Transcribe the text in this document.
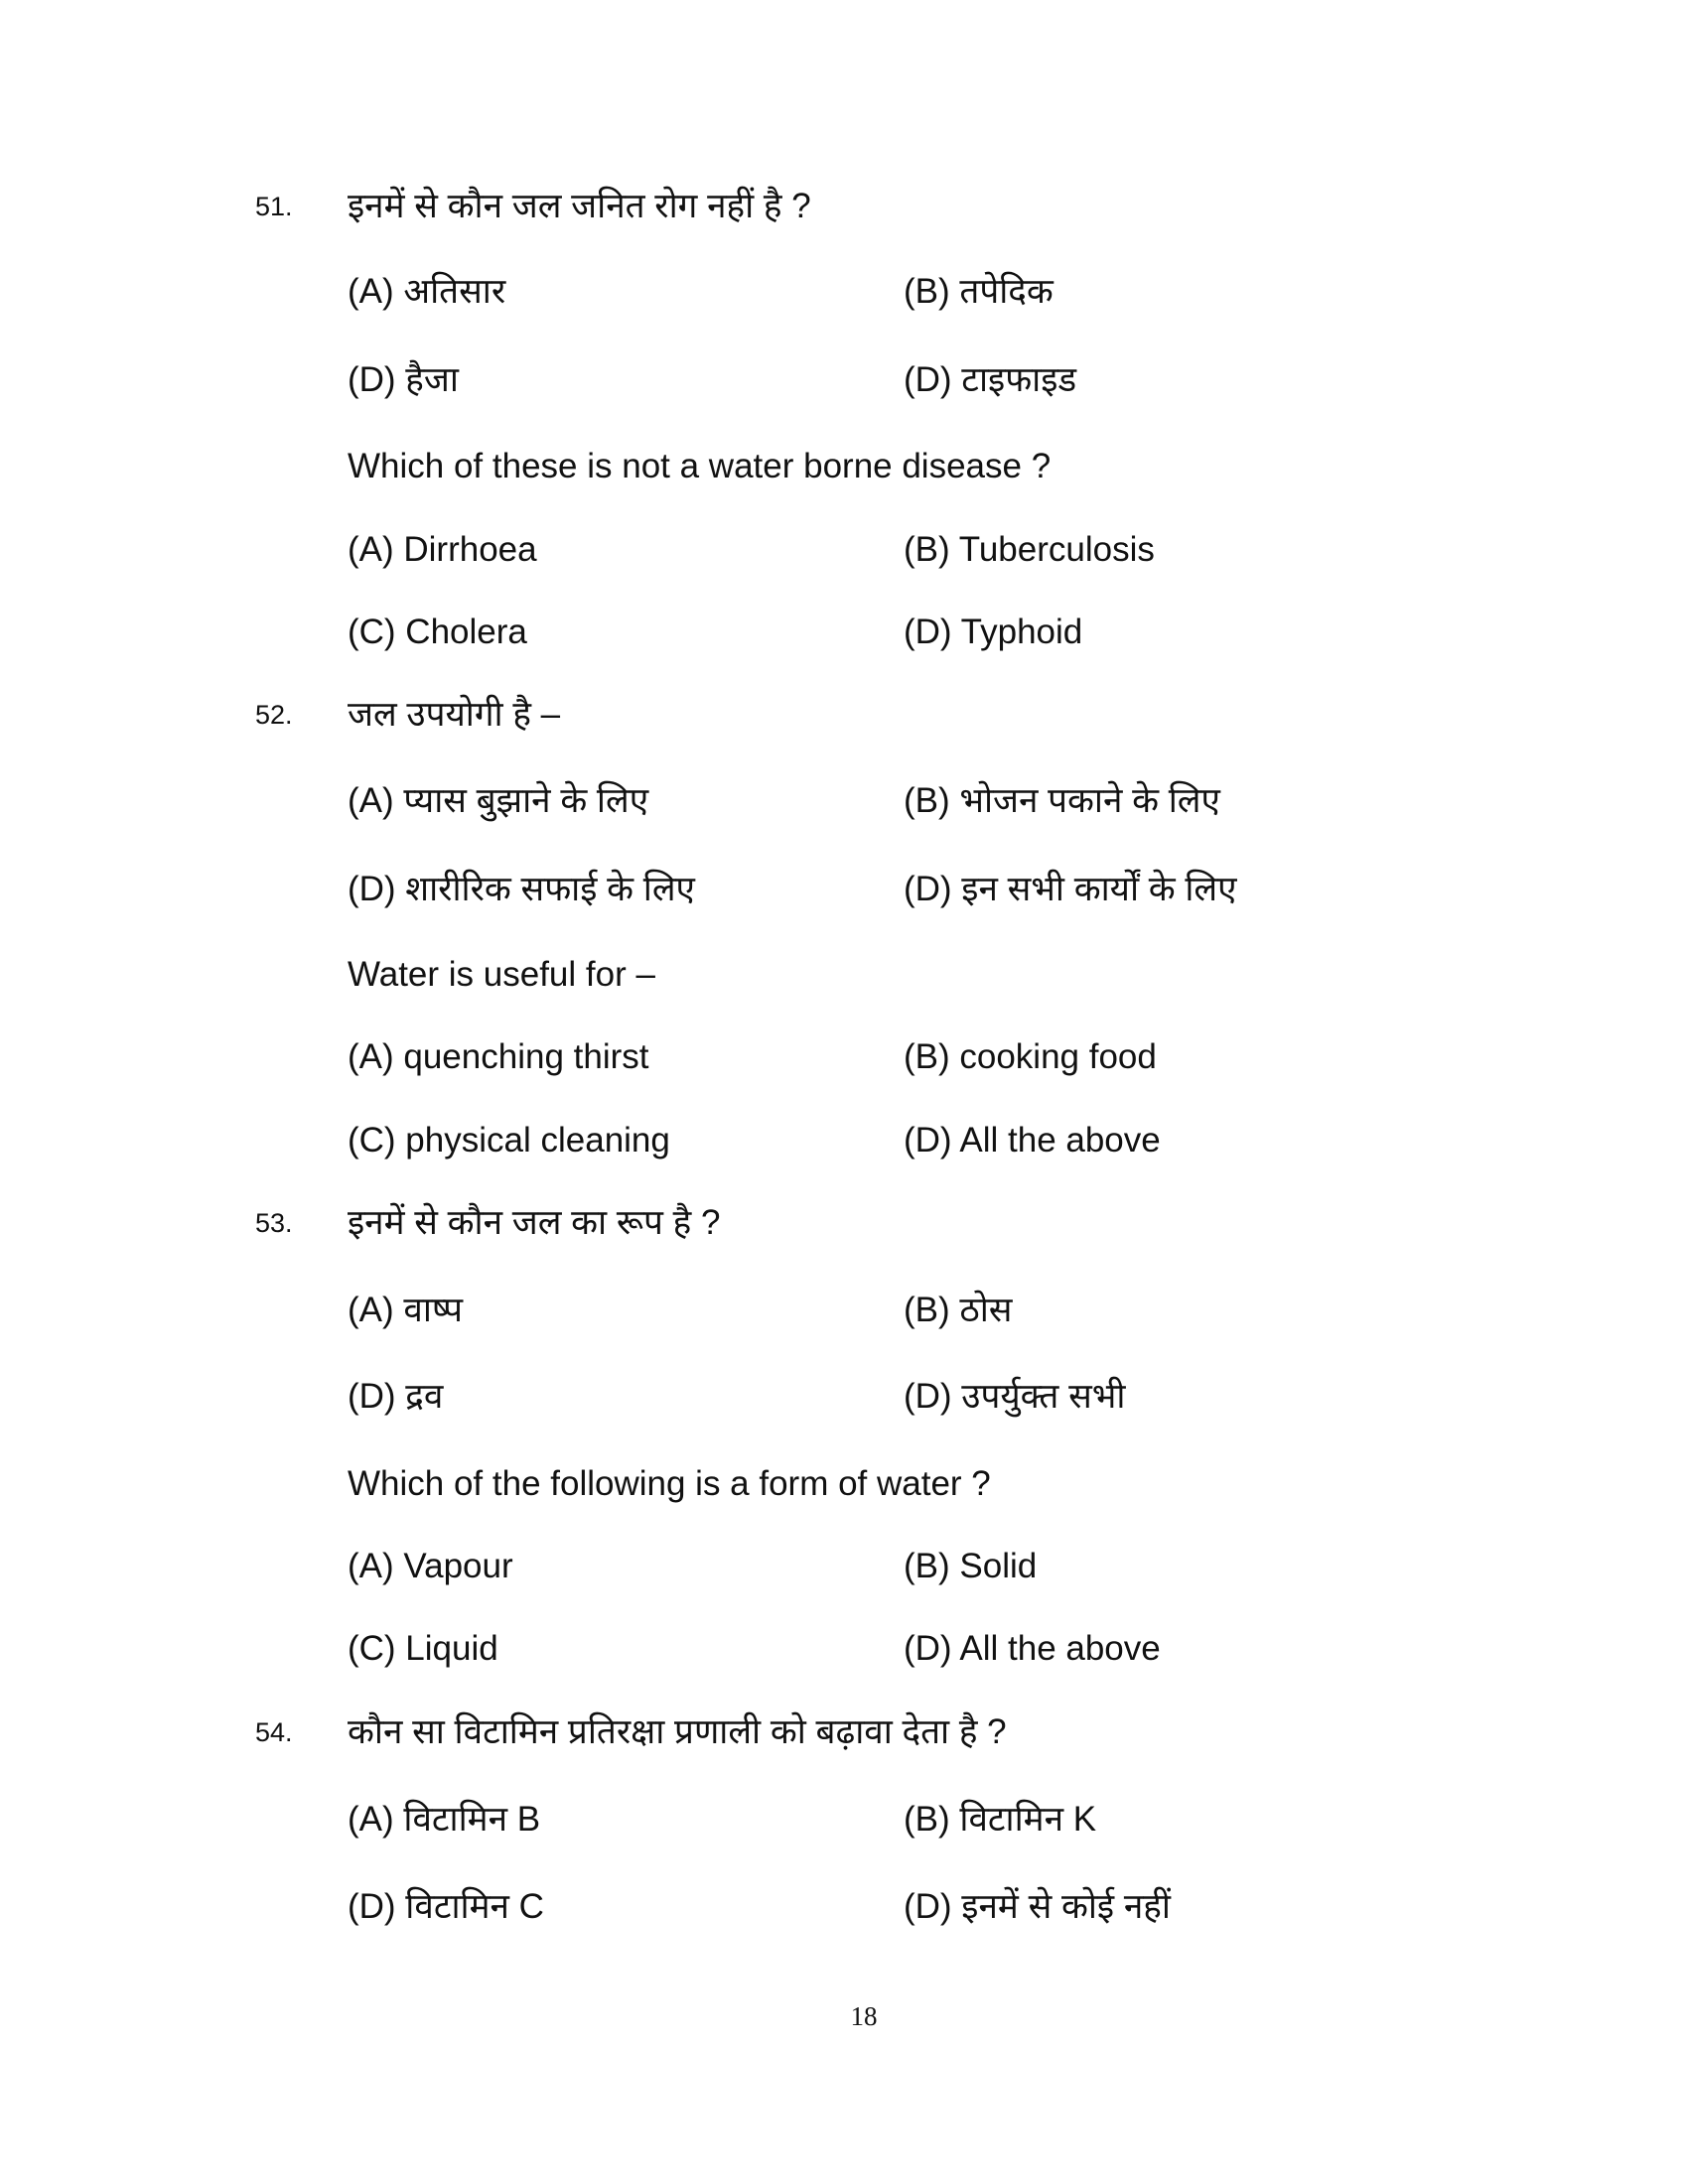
51. इनमें से कौन जल जनित रोग नहीं है ?
(A) अतिसार	(B) तपेदिक
(D) हैजा	(D) टाइफाइड
Which of these is not a water borne disease ?
(A) Dirrhoea	(B) Tuberculosis
(C) Cholera	(D) Typhoid
52. जल उपयोगी है –
(A) प्यास बुझाने के लिए	(B) भोजन पकाने के लिए
(D) शारीरिक सफाई के लिए	(D) इन सभी कार्यों के लिए
Water is useful for –
(A) quenching thirst	(B) cooking food
(C) physical cleaning	(D) All the above
53. इनमें से कौन जल का रूप है ?
(A) वाष्प	(B) ठोस
(D) द्रव	(D) उपर्युक्त सभी
Which of the following is a form of water ?
(A) Vapour	(B) Solid
(C) Liquid	(D) All the above
54. कौन सा विटामिन प्रतिरक्षा प्रणाली को बढ़ावा देता है ?
(A) विटामिन B	(B) विटामिन K
(D) विटामिन C	(D) इनमें से कोई नहीं
18
